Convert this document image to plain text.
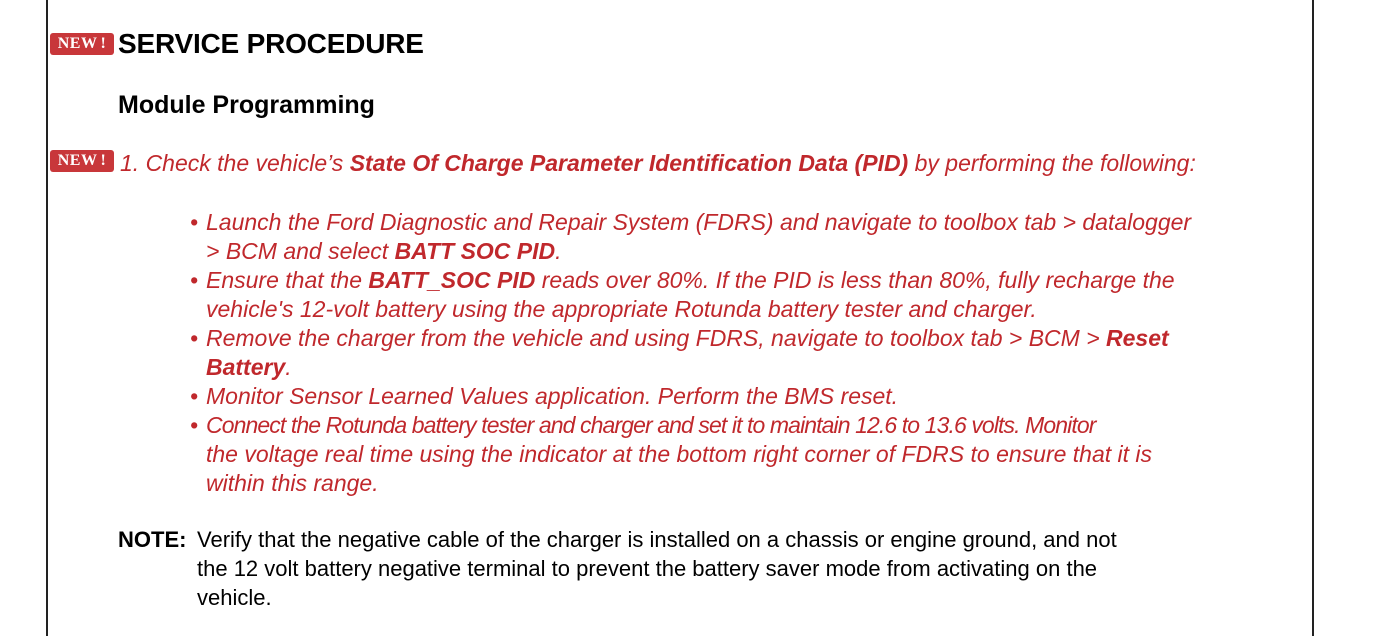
NEW ! SERVICE PROCEDURE
Module Programming
NEW ! 1. Check the vehicle’s State Of Charge Parameter Identification Data (PID) by performing the following:
• Launch the Ford Diagnostic and Repair System (FDRS) and navigate to toolbox tab > datalogger
> BCM and select BATT SOC PID.
• Ensure that the BATT_SOC PID reads over 80%. If the PID is less than 80%, fully recharge the
vehicle's 12-volt battery using the appropriate Rotunda battery tester and charger.
• Remove the charger from the vehicle and using FDRS, navigate to toolbox tab > BCM > Reset
Battery.
• Monitor Sensor Learned Values application. Perform the BMS reset.
• Connect the Rotunda battery tester and charger and set it to maintain 12.6 to 13.6 volts. Monitor
the voltage real time using the indicator at the bottom right corner of FDRS to ensure that it is
within this range.
NOTE: Verify that the negative cable of the charger is installed on a chassis or engine ground, and not
the 12 volt battery negative terminal to prevent the battery saver mode from activating on the
vehicle.
